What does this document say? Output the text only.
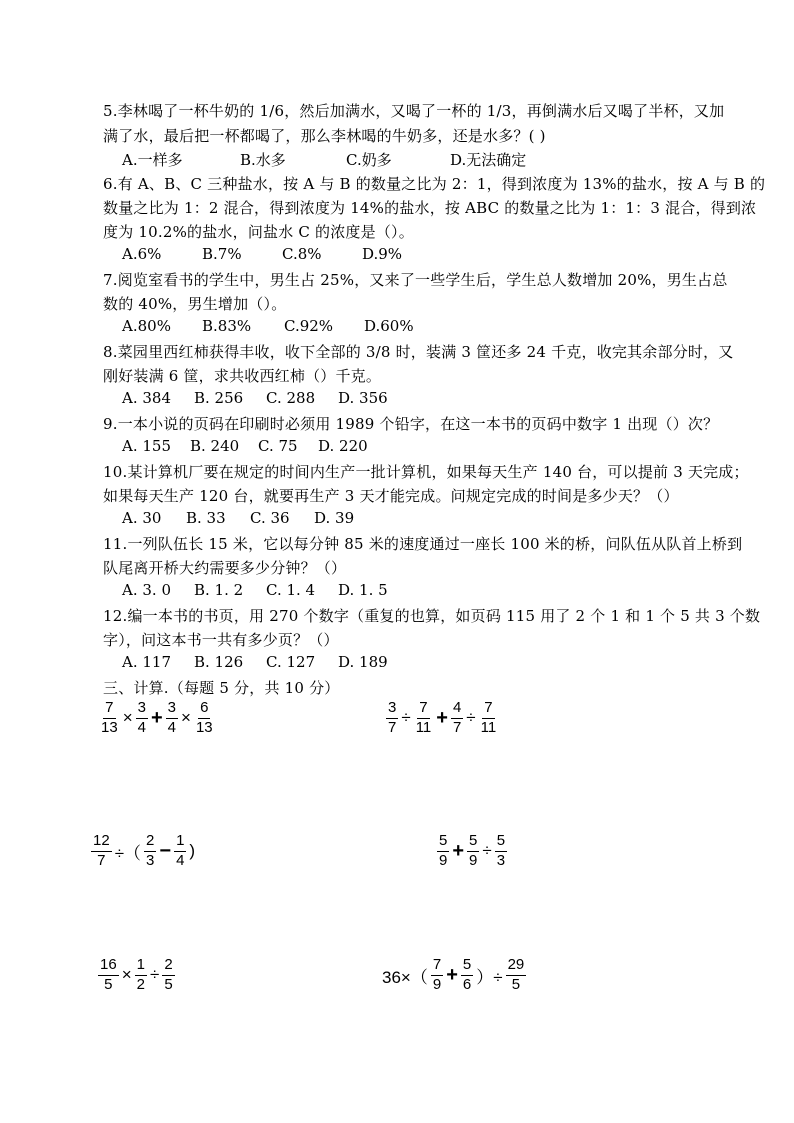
5.李林喝了一杯牛奶的 1/6，然后加满水，又喝了一杯的 1/3，再倒满水后又喝了半杯，又加
满了水，最后把一杯都喝了，那么李林喝的牛奶多，还是水多？( )
A.一样多	B.水多	C.奶多	D.无法确定
6.有 A、B、C 三种盐水，按 A 与 B 的数量之比为 2：1，得到浓度为 13%的盐水，按 A 与 B 的
数量之比为 1：2 混合，得到浓度为 14%的盐水，按 ABC 的数量之比为 1：1：3 混合，得到浓
度为 10.2%的盐水，问盐水 C 的浓度是（）。
A.6%	B.7%	C.8%	D.9%
7.阅览室看书的学生中，男生占 25%，又来了一些学生后，学生总人数增加 20%，男生占总
数的 40%，男生增加（）。
A.80% B.83% C.92% D.60%
8.菜园里西红柿获得丰收，收下全部的 3/8 时，装满 3 筐还多 24 千克，收完其余部分时，又
刚好装满 6 筐，求共收西红柿（）千克。
A. 384 B. 256 C. 288 D. 356
9.一本小说的页码在印刷时必须用 1989 个铅字，在这一本书的页码中数字 1 出现（）次？
A. 155 B. 240 C. 75 D. 220
10.某计算机厂要在规定的时间内生产一批计算机，如果每天生产 140 台，可以提前 3 天完成；
如果每天生产 120 台，就要再生产 3 天才能完成。问规定完成的时间是多少天？（）
A. 30 B. 33 C. 36 D. 39
11.一列队伍长 15 米，它以每分钟 85 米的速度通过一座长 100 米的桥，问队伍从队首上桥到
队尾离开桥大约需要多少分钟？（）
A. 3. 0 B. 1. 2 C. 1. 4 D. 1. 5
12.编一本书的书页，用 270 个数字（重复的也算，如页码 115 用了 2 个 1 和 1 个 5 共 3 个数
字），问这本书一共有多少页？（）
A. 117 B. 126 C. 127 D. 189
三、计算.（每题 5 分，共 10 分）
$\frac{7}{13} \times \frac{3}{4} + \frac{3}{4} \times \frac{6}{13}$	$\frac{3}{7} \div \frac{7}{11} + \frac{4}{7} \div \frac{7}{11}$
$\frac{12}{7}$ ÷（ $\frac{2}{3} - \frac{1}{4}$ )	$\frac{5}{9} + \frac{5}{9} \div \frac{5}{3}$
$\frac{16}{5} \times \frac{1}{2} \div \frac{2}{5}$	$36\times( \frac{7}{9} + \frac{5}{6}$ ）÷ $\frac{29}{5}$
